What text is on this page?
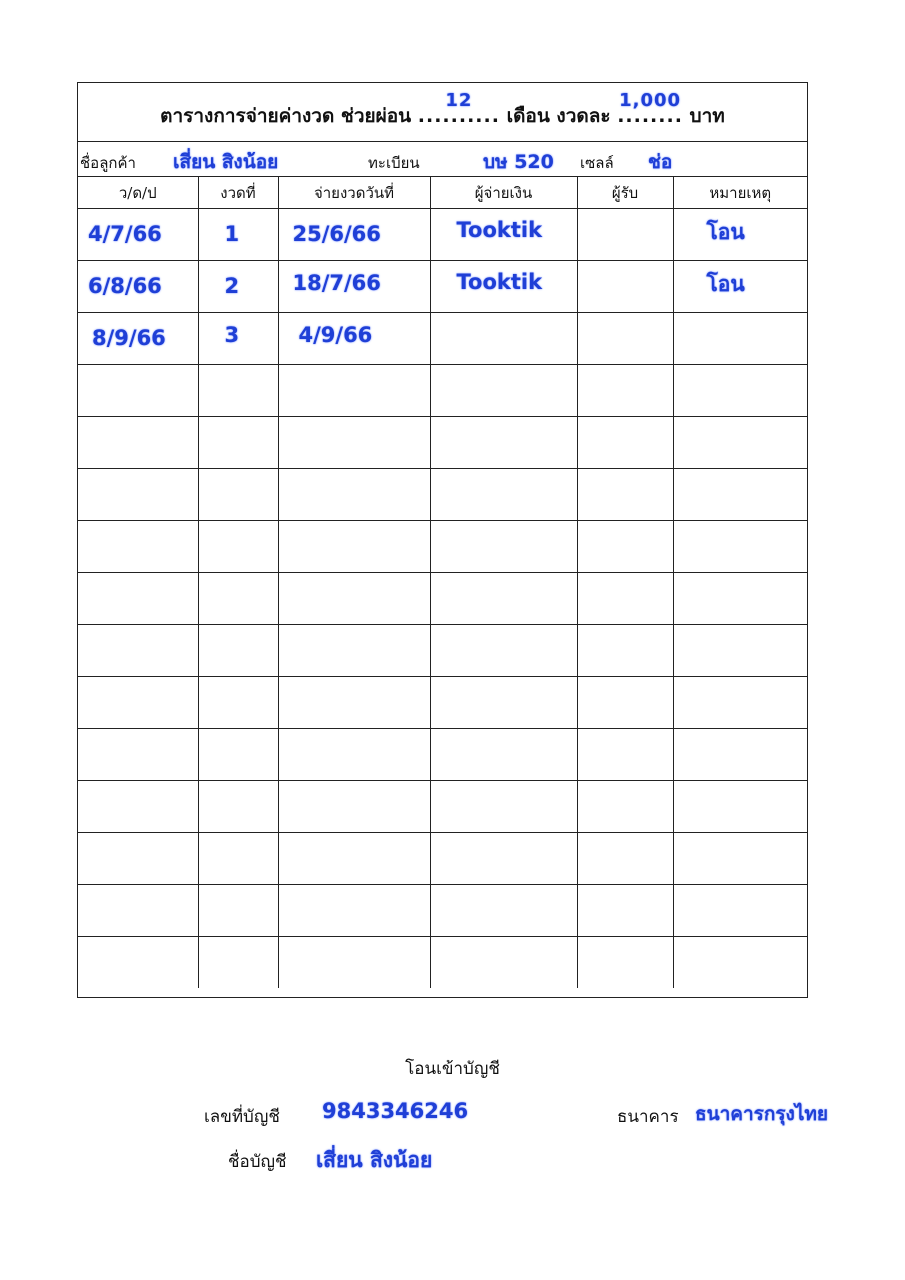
ตารางการจ่ายค่างวด ช่วยผ่อน ..........
12
เดือน งวดละ ........
1,000
บาท
ชื่อลูกค้า เสี่ยน สิงน้อย	ทะเบียน	บษ 520 เซลล์ ช่อ
ว/ด/ป	งวดที่	จ่ายงวดวันที่	ผู้จ่ายเงิน	ผู้รับ	หมายเหตุ

4/7/66	1	25/6/66	Tooktik		โอน

6/8/66	2	18/7/66	Tooktik		โอน

8/9/66	3	4/9/66			

โอนเข้าบัญชี
เลขที่บัญชี 9843346246	ธนาคาร ธนาคารกรุงไทย
ชื่อบัญชี เสี่ยน สิงน้อย
